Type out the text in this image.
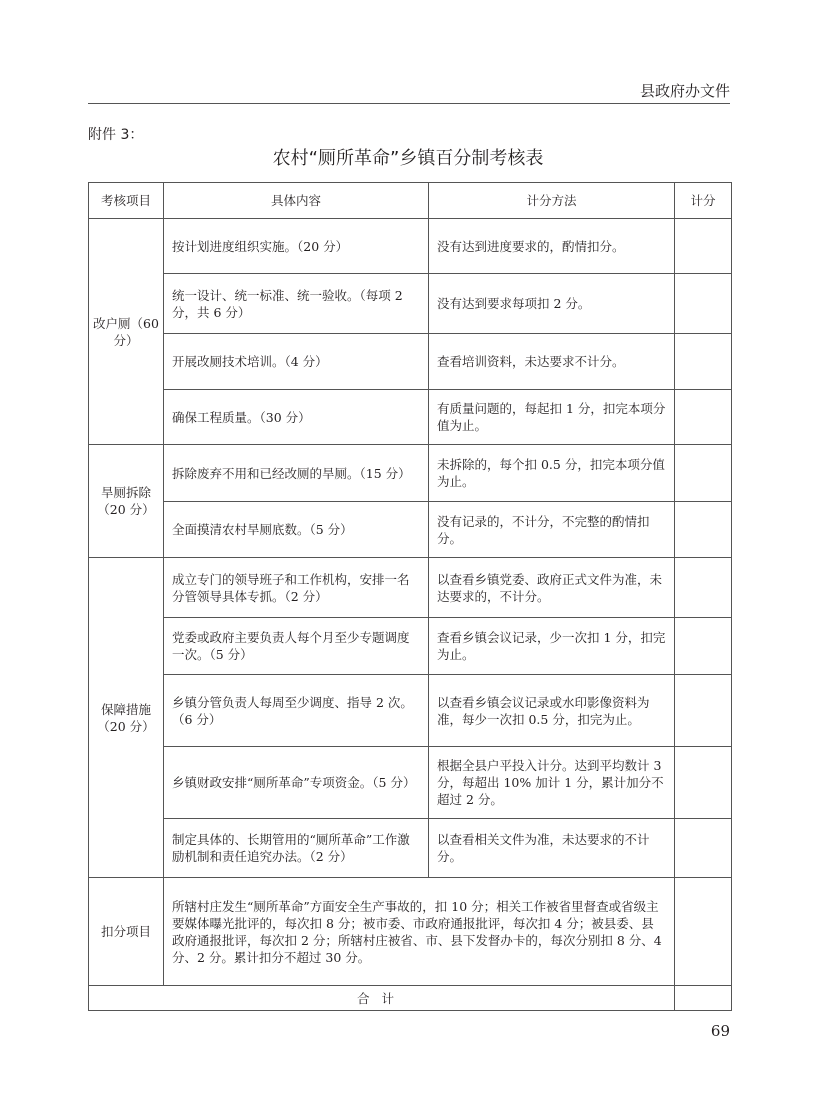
县政府办文件
附件 3：
农村“厕所革命”乡镇百分制考核表
考核项目	具体内容	计分方法	计分
改户厕（60 分）	按计划进度组织实施。（20 分）	没有达到进度要求的，酌情扣分。	
	统一设计、统一标准、统一验收。（每项 2 分，共 6 分）	没有达到要求每项扣 2 分。	
	开展改厕技术培训。（4 分）	查看培训资料，未达要求不计分。	
	确保工程质量。（30 分）	有质量问题的，每起扣 1 分，扣完本项分值为止。	
旱厕拆除（20 分）	拆除废弃不用和已经改厕的旱厕。（15 分）	未拆除的，每个扣 0.5 分，扣完本项分值为止。	
	全面摸清农村旱厕底数。（5 分）	没有记录的，不计分，不完整的酌情扣分。	
保障措施（20 分）	成立专门的领导班子和工作机构，安排一名分管领导具体专抓。（2 分）	以查看乡镇党委、政府正式文件为准，未达要求的，不计分。	
	党委或政府主要负责人每个月至少专题调度一次。（5 分）	查看乡镇会议记录，少一次扣 1 分，扣完为止。	
	乡镇分管负责人每周至少调度、指导 2 次。（6 分）	以查看乡镇会议记录或水印影像资料为准，每少一次扣 0.5 分，扣完为止。	
	乡镇财政安排“厕所革命”专项资金。（5 分）	根据全县户平投入计分。达到平均数计 3 分，每超出 10% 加计 1 分，累计加分不超过 2 分。	
	制定具体的、长期管用的“厕所革命”工作激励机制和责任追究办法。（2 分）	以查看相关文件为准，未达要求的不计分。	
扣分项目	所辖村庄发生“厕所革命”方面安全生产事故的，扣 10 分；相关工作被省里督查或省级主要媒体曝光批评的，每次扣 8 分；被市委、市政府通报批评，每次扣 4 分；被县委、县政府通报批评，每次扣 2 分；所辖村庄被省、市、县下发督办卡的，每次分别扣 8 分、4 分、2 分。累计扣分不超过 30 分。		
合计			
69
